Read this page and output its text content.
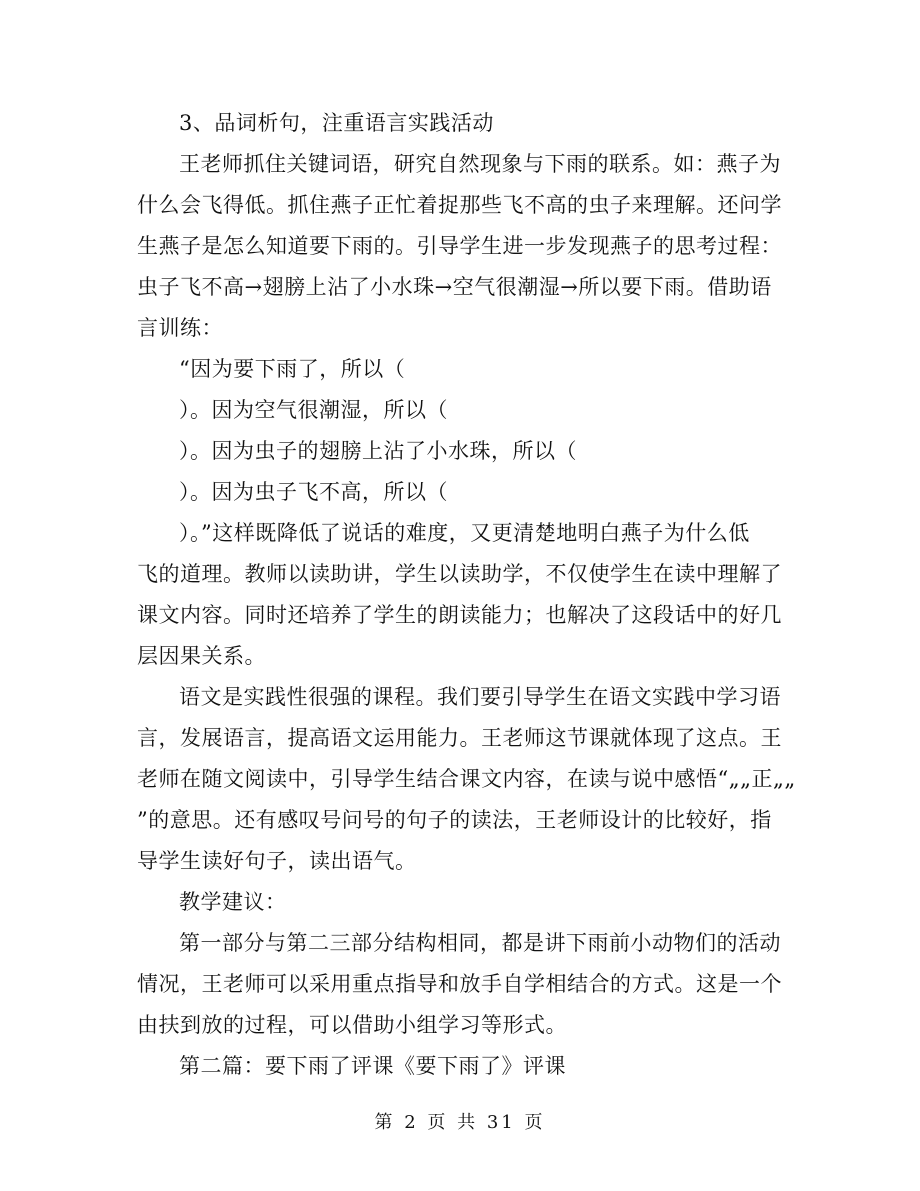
3、品词析句，注重语言实践活动
王老师抓住关键词语，研究自然现象与下雨的联系。如：燕子为
什么会飞得低。抓住燕子正忙着捉那些飞不高的虫子来理解。还问学
生燕子是怎么知道要下雨的。引导学生进一步发现燕子的思考过程：
虫子飞不高→翅膀上沾了小水珠→空气很潮湿→所以要下雨。借助语
言训练：
“因为要下雨了，所以（
）。因为空气很潮湿，所以（
）。因为虫子的翅膀上沾了小水珠，所以（
）。因为虫子飞不高，所以（
）。”这样既降低了说话的难度，又更清楚地明白燕子为什么低
飞的道理。教师以读助讲，学生以读助学，不仅使学生在读中理解了
课文内容。同时还培养了学生的朗读能力；也解决了这段话中的好几
层因果关系。
语文是实践性很强的课程。我们要引导学生在语文实践中学习语
言，发展语言，提高语文运用能力。王老师这节课就体现了这点。王
老师在随文阅读中，引导学生结合课文内容，在读与说中感悟“„„正„„
”的意思。还有感叹号问号的句子的读法，王老师设计的比较好，指
导学生读好句子，读出语气。
教学建议：
第一部分与第二三部分结构相同，都是讲下雨前小动物们的活动
情况，王老师可以采用重点指导和放手自学相结合的方式。这是一个
由扶到放的过程，可以借助小组学习等形式。
第二篇：要下雨了评课《要下雨了》评课
第 2 页 共 31 页
